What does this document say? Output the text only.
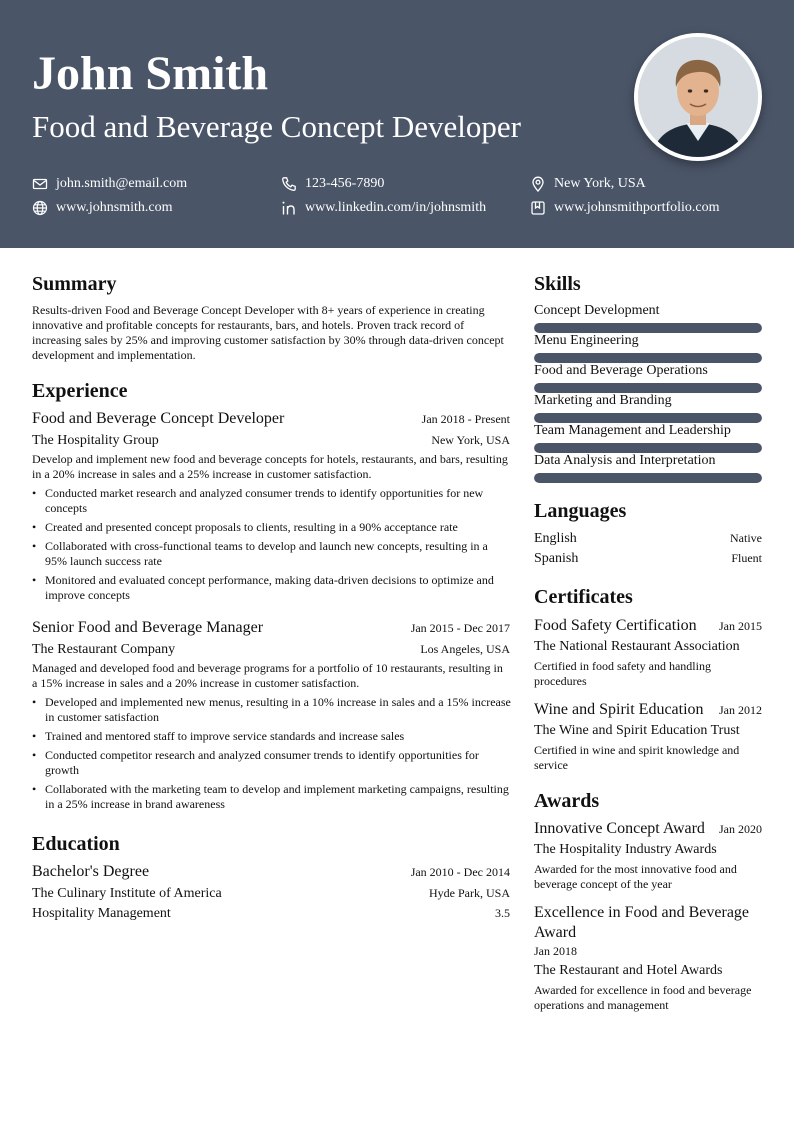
John Smith
Food and Beverage Concept Developer
john.smith@email.com	123-456-7890	New York, USA
www.johnsmith.com	www.linkedin.com/in/johnsmith	www.johnsmithportfolio.com
Summary
Results-driven Food and Beverage Concept Developer with 8+ years of experience in creating innovative and profitable concepts for restaurants, bars, and hotels. Proven track record of increasing sales by 25% and improving customer satisfaction by 30% through data-driven concept development and implementation.
Experience
Food and Beverage Concept Developer	Jan 2018 - Present
The Hospitality Group	New York, USA
Develop and implement new food and beverage concepts for hotels, restaurants, and bars, resulting in a 20% increase in sales and a 25% increase in customer satisfaction.
• Conducted market research and analyzed consumer trends to identify opportunities for new concepts
• Created and presented concept proposals to clients, resulting in a 90% acceptance rate
• Collaborated with cross-functional teams to develop and launch new concepts, resulting in a 95% launch success rate
• Monitored and evaluated concept performance, making data-driven decisions to optimize and improve concepts
Senior Food and Beverage Manager	Jan 2015 - Dec 2017
The Restaurant Company	Los Angeles, USA
Managed and developed food and beverage programs for a portfolio of 10 restaurants, resulting in a 15% increase in sales and a 20% increase in customer satisfaction.
• Developed and implemented new menus, resulting in a 10% increase in sales and a 15% increase in customer satisfaction
• Trained and mentored staff to improve service standards and increase sales
• Conducted competitor research and analyzed consumer trends to identify opportunities for growth
• Collaborated with the marketing team to develop and implement marketing campaigns, resulting in a 25% increase in brand awareness
Education
Bachelor's Degree	Jan 2010 - Dec 2014
The Culinary Institute of America	Hyde Park, USA
Hospitality Management	3.5
Skills
Concept Development
Menu Engineering
Food and Beverage Operations
Marketing and Branding
Team Management and Leadership
Data Analysis and Interpretation
Languages
English	Native
Spanish	Fluent
Certificates
Food Safety Certification Jan 2015
The National Restaurant Association
Certified in food safety and handling procedures
Wine and Spirit Education Jan 2012
The Wine and Spirit Education Trust
Certified in wine and spirit knowledge and service
Awards
Innovative Concept Award Jan 2020
The Hospitality Industry Awards
Awarded for the most innovative food and beverage concept of the year
Excellence in Food and Beverage Award
Jan 2018
The Restaurant and Hotel Awards
Awarded for excellence in food and beverage operations and management
